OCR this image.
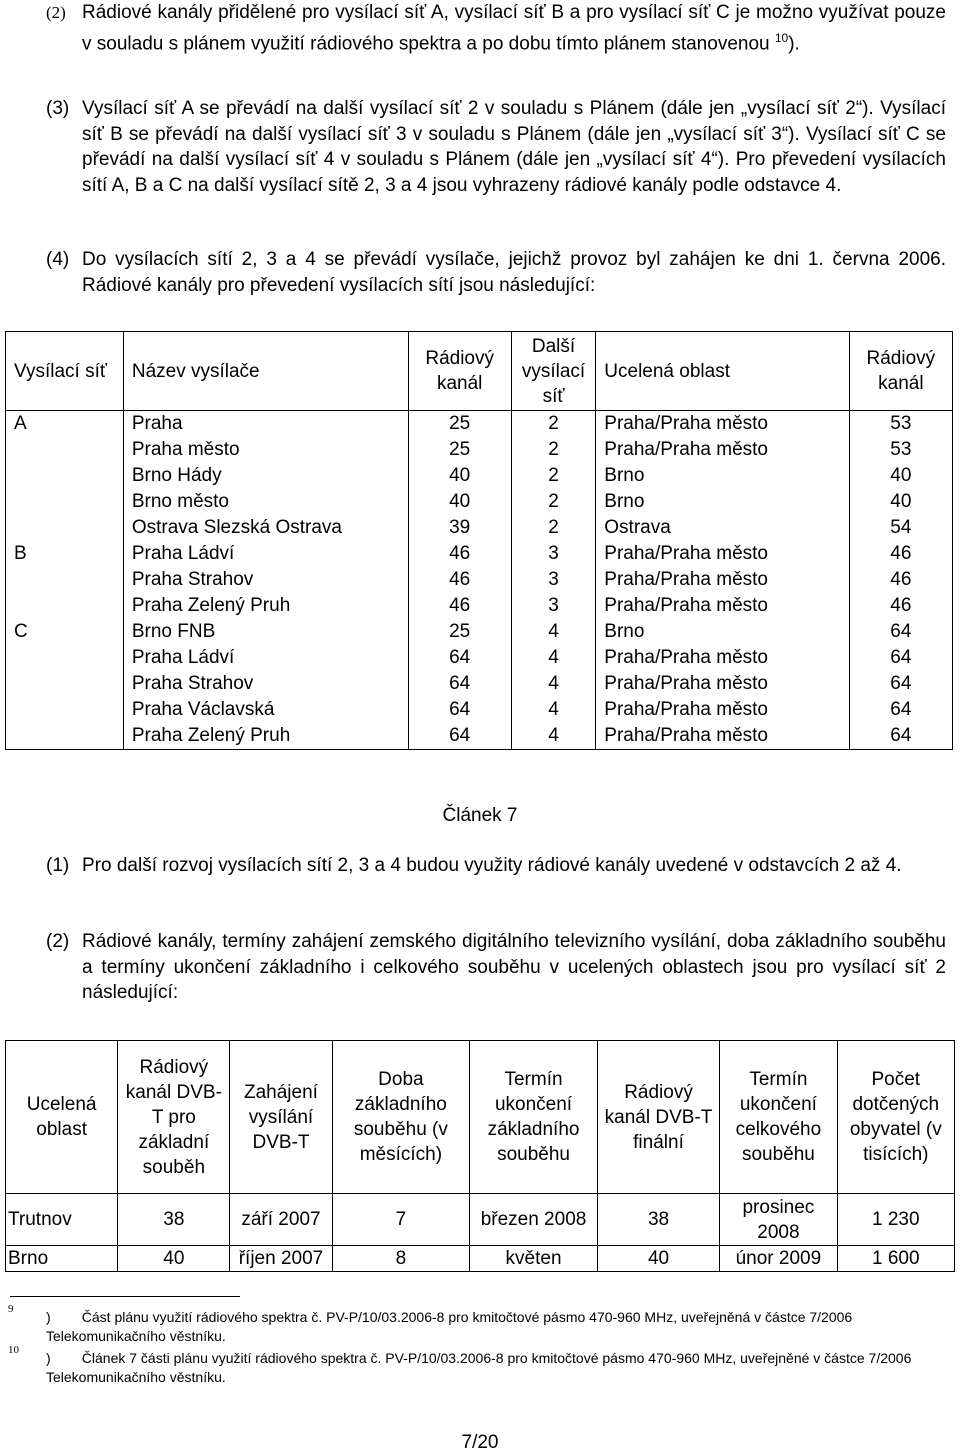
(2) Rádiové kanály přidělené pro vysílací síť A, vysílací síť B a pro vysílací síť C je možno využívat pouze v souladu s plánem využití rádiového spektra a po dobu tímto plánem stanovenou $^{10}$).
(3) Vysílací síť A se převádí na další vysílací síť 2 v souladu s Plánem (dále jen „vysílací síť 2“). Vysílací síť B se převádí na další vysílací síť 3 v souladu s Plánem (dále jen „vysílací síť 3“). Vysílací síť C se převádí na další vysílací síť 4 v souladu s Plánem (dále jen „vysílací síť 4“). Pro převedení vysílacích sítí A, B a C na další vysílací sítě 2, 3 a 4 jsou vyhrazeny rádiové kanály podle odstavce 4.
(4) Do vysílacích sítí 2, 3 a 4 se převádí vysílače, jejichž provoz byl zahájen ke dni 1. června 2006. Rádiové kanály pro převedení vysílacích sítí jsou následující:
Vysílací síť	Název vysílače	Rádiový kanál	Další vysílací síť	Ucelená oblast	Rádiový kanál
A	Praha	25	2	Praha/Praha město	53
	Praha město	25	2	Praha/Praha město	53
	Brno Hády	40	2	Brno	40
	Brno město	40	2	Brno	40
	Ostrava Slezská Ostrava	39	2	Ostrava	54
B	Praha Ládví	46	3	Praha/Praha město	46
	Praha Strahov	46	3	Praha/Praha město	46
	Praha Zelený Pruh	46	3	Praha/Praha město	46
C	Brno FNB	25	4	Brno	64
	Praha Ládví	64	4	Praha/Praha město	64
	Praha Strahov	64	4	Praha/Praha město	64
	Praha Václavská	64	4	Praha/Praha město	64
	Praha Zelený Pruh	64	4	Praha/Praha město	64
Článek 7
(1) Pro další rozvoj vysílacích sítí 2, 3 a 4 budou využity rádiové kanály uvedené v odstavcích 2 až 4.
(2) Rádiové kanály, termíny zahájení zemského digitálního televizního vysílání, doba základního souběhu a termíny ukončení základního i celkového souběhu v ucelených oblastech jsou pro vysílací síť 2 následující:
Ucelená oblast	Rádiový kanál DVB-T pro základní souběh	Zahájení vysílání DVB-T	Doba základního souběhu (v měsících)	Termín ukončení základního souběhu	Rádiový kanál DVB-T finální	Termín ukončení celkového souběhu	Počet dotčených obyvatel (v tisících)
Trutnov	38	září 2007	7	březen 2008	38	prosinec 2008	1 230
Brno	40	říjen 2007	8	květen	40	únor 2009	1 600
9	)        Část plánu využití rádiového spektra č. PV-P/10/03.2006-8 pro kmitočtové pásmo 470-960 MHz, uveřejněná v částce 7/2006 Telekomunikačního věstníku.
10	)        Článek 7 části plánu využití rádiového spektra č. PV-P/10/03.2006-8 pro kmitočtové pásmo 470-960 MHz, uveřejněné v částce 7/2006 Telekomunikačního věstníku.
7/20
